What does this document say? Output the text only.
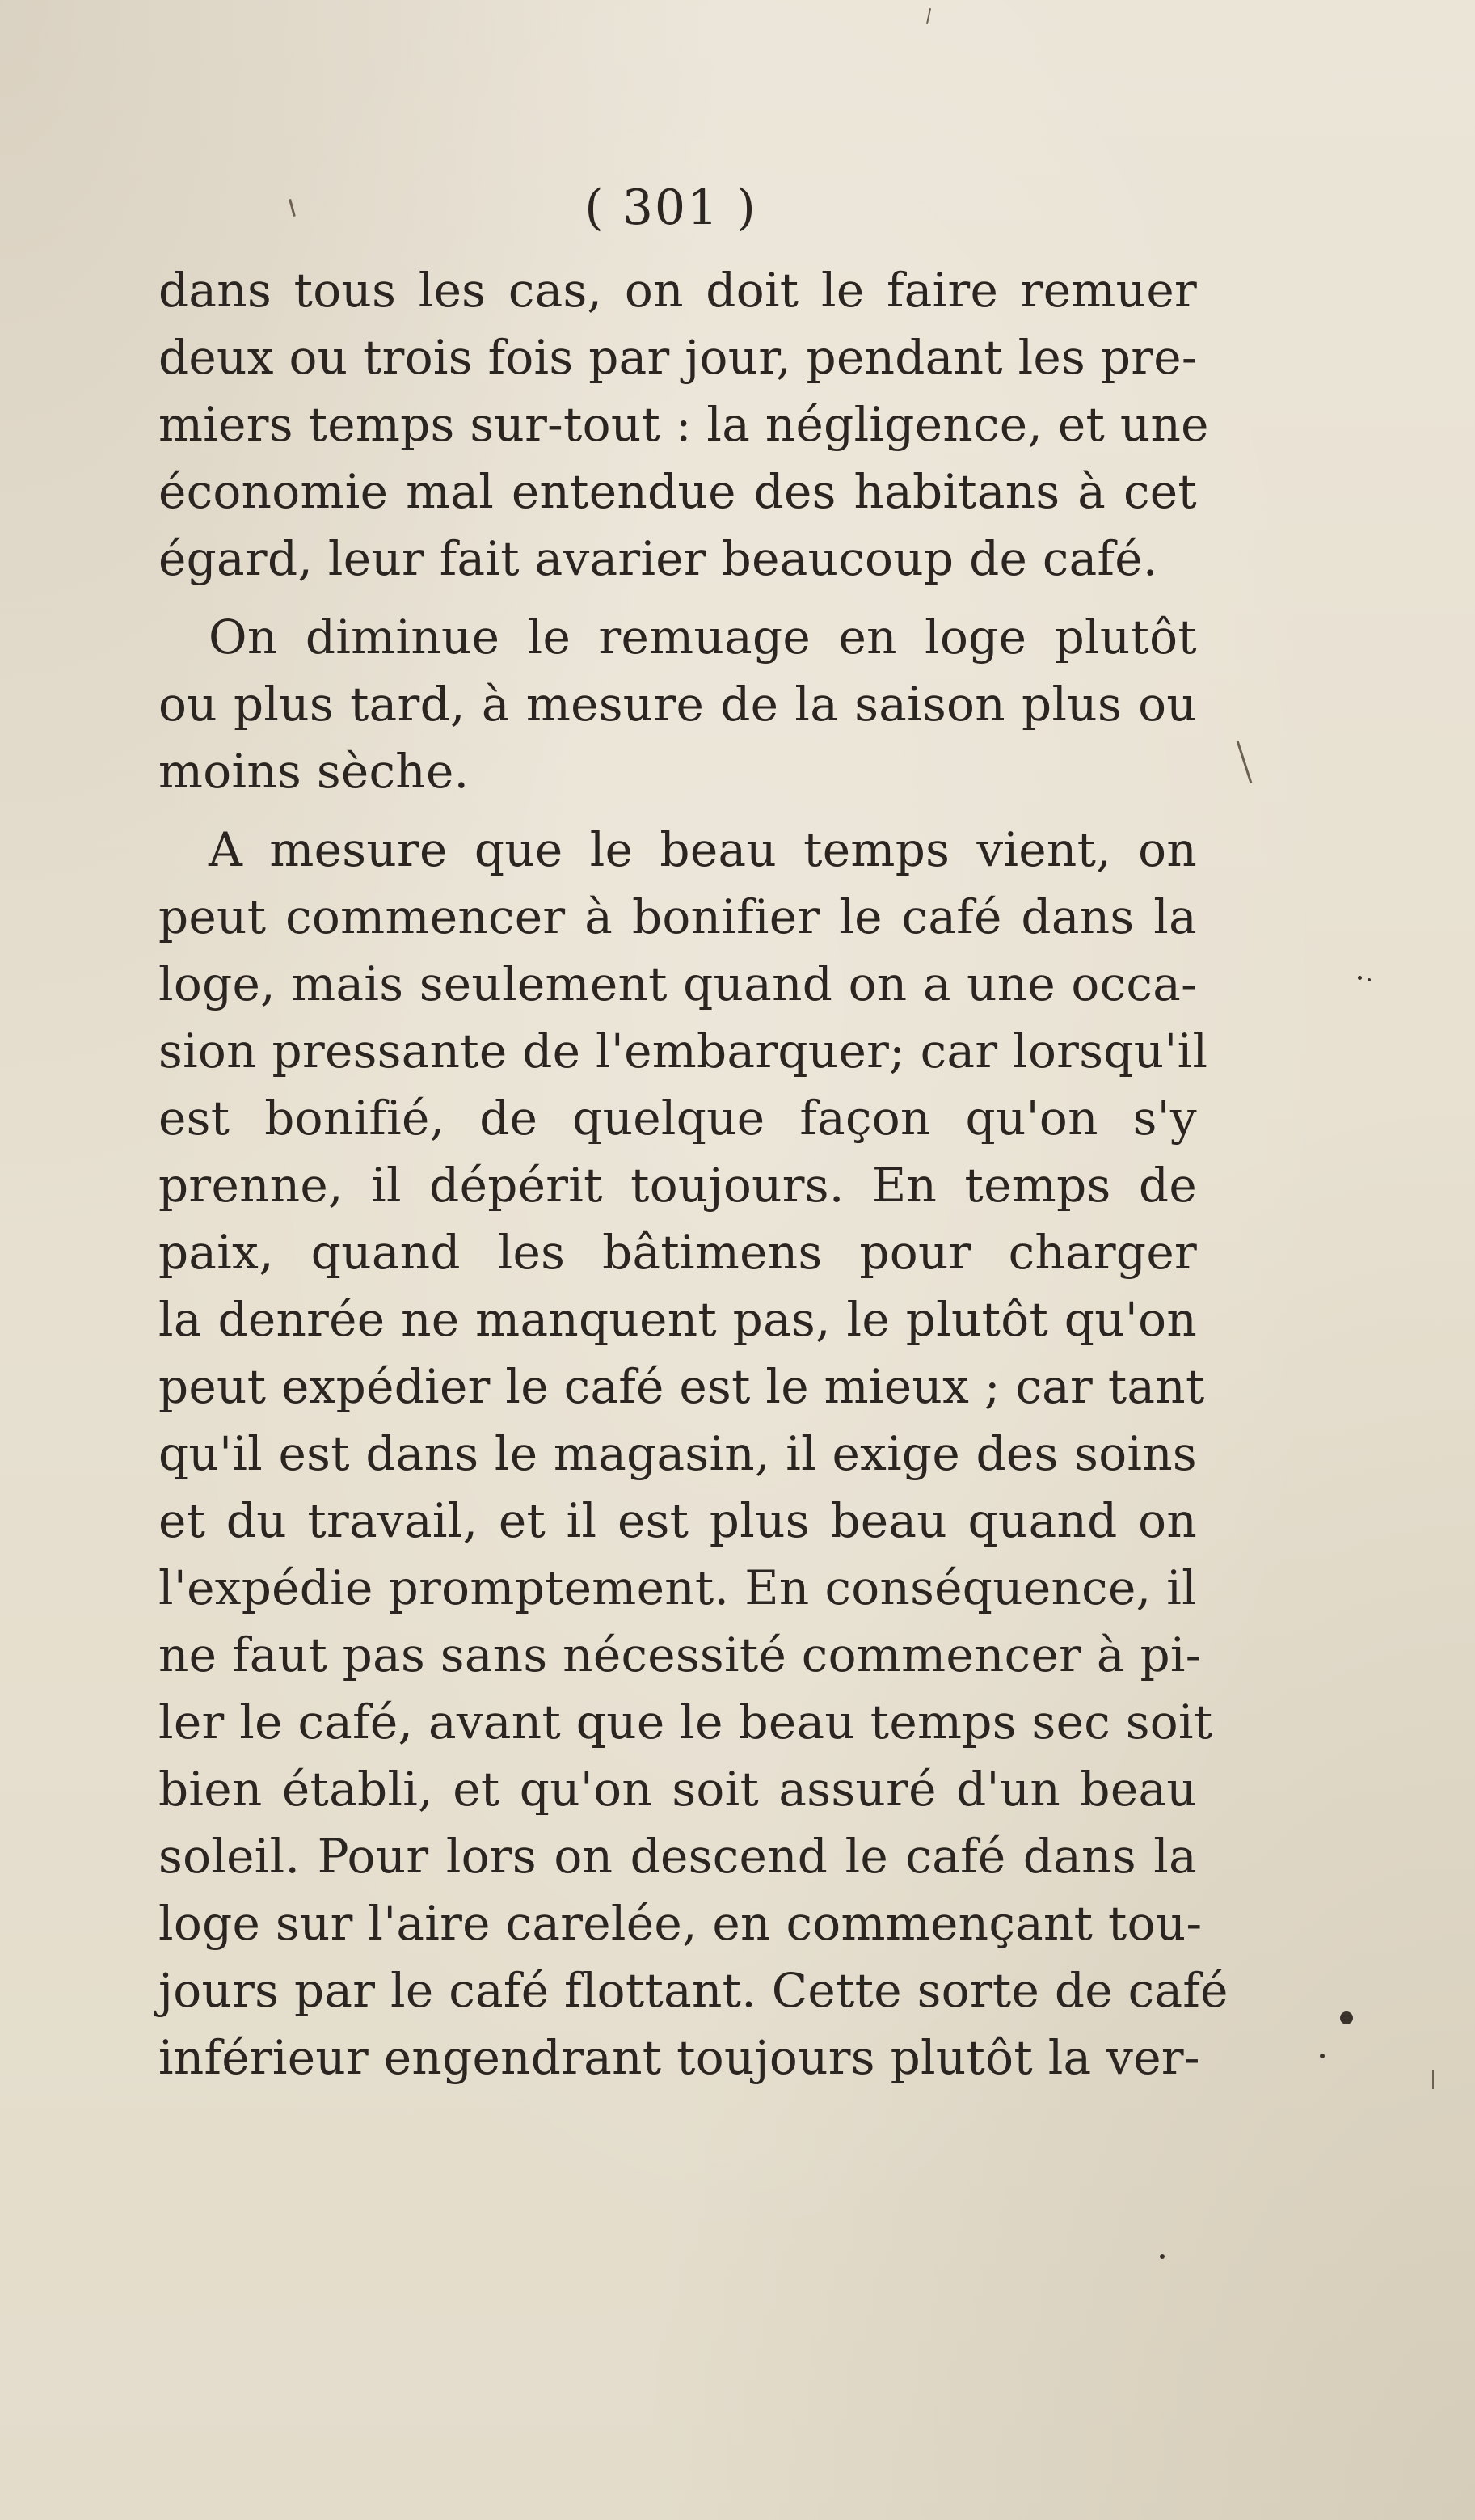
( 301 )
dans tous les cas, on doit le faire remuer
deux ou trois fois par jour, pendant les pre-
miers temps sur-tout : la négligence, et une
économie mal entendue des habitans à cet
égard, leur fait avarier beaucoup de café.
On diminue le remuage en loge plutôt
ou plus tard, à mesure de la saison plus ou
moins sèche.
A mesure que le beau temps vient, on
peut commencer à bonifier le café dans la
loge, mais seulement quand on a une occa-
sion pressante de l'embarquer; car lorsqu'il
est bonifié, de quelque façon qu'on s'y
prenne, il dépérit toujours. En temps de
paix, quand les bâtimens pour charger
la denrée ne manquent pas, le plutôt qu'on
peut expédier le café est le mieux ; car tant
qu'il est dans le magasin, il exige des soins
et du travail, et il est plus beau quand on
l'expédie promptement. En conséquence, il
ne faut pas sans nécessité commencer à pi-
ler le café, avant que le beau temps sec soit
bien établi, et qu'on soit assuré d'un beau
soleil. Pour lors on descend le café dans la
loge sur l'aire carelée, en commençant tou-
jours par le café flottant. Cette sorte de café
inférieur engendrant toujours plutôt la ver-
